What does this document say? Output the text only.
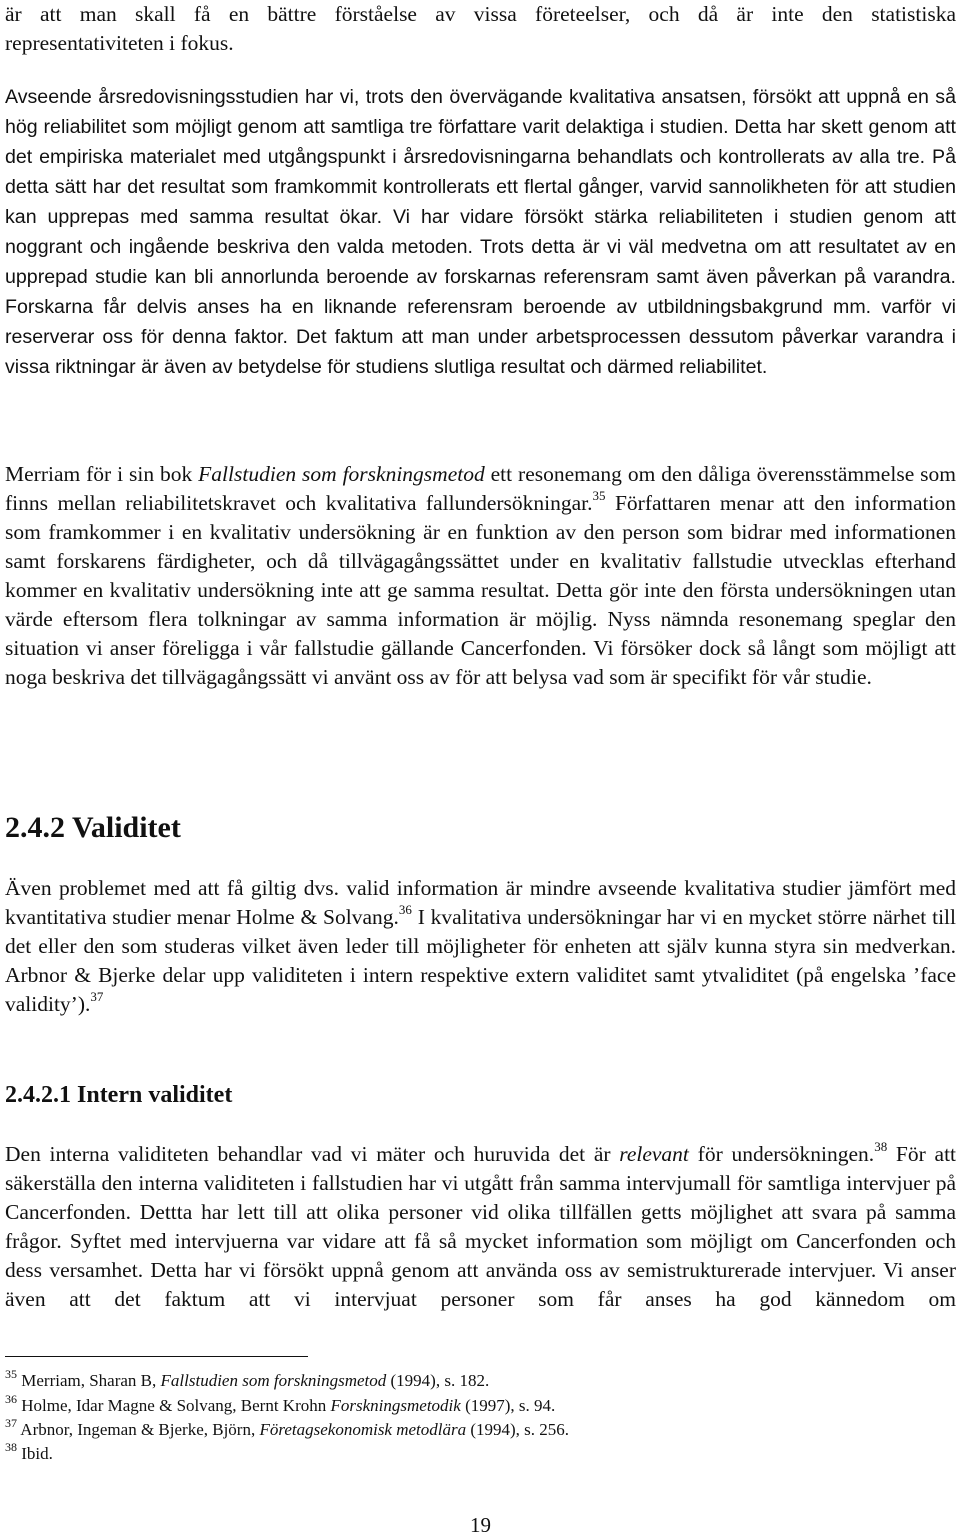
är att man skall få en bättre förståelse av vissa företeelser, och då är inte den statistiska

representativiteten i fokus.

Avseende årsredovisningsstudien har vi, trots den övervägande kvalitativa ansatsen, försökt att uppnå en så hög reliabilitet som möjligt genom att samtliga tre författare varit delaktiga i studien. Detta har skett genom att det empiriska materialet med utgångspunkt i årsredovisningarna behandlats och kontrollerats av alla tre. På detta sätt har det resultat som framkommit kontrollerats ett flertal gånger, varvid sannolikheten för att studien kan upprepas med samma resultat ökar. Vi har vidare försökt stärka reliabiliteten i studien genom att noggrant och ingående beskriva den valda metoden. Trots detta är vi väl medvetna om att resultatet av en upprepad studie kan bli annorlunda beroende av forskarnas referensram samt även påverkan på varandra. Forskarna får delvis anses ha en liknande referensram beroende av utbildningsbakgrund mm. varför vi reserverar oss för denna faktor. Det faktum att man under arbetsprocessen dessutom påverkar varandra i vissa riktningar är även av betydelse för studiens slutliga resultat och därmed reliabilitet.

Merriam för i sin bok Fallstudien som forskningsmetod ett resonemang om den dåliga överensstämmelse som finns mellan reliabilitetskravet och kvalitativa fallundersökningar.$^{35}$ Författaren menar att den information som framkommer i en kvalitativ undersökning är en funktion av den person som bidrar med informationen samt forskarens färdigheter, och då tillvägagångssättet under en kvalitativ fallstudie utvecklas efterhand kommer en kvalitativ undersökning inte att ge samma resultat. Detta gör inte den första undersökningen utan värde eftersom flera tolkningar av samma information är möjlig. Nyss nämnda resonemang speglar den situation vi anser föreligga i vår fallstudie gällande Cancerfonden. Vi försöker dock så långt som möjligt att noga beskriva det tillvägagångssätt vi använt oss av för att belysa vad som är specifikt för vår studie.

2.4.2 Validitet

Även problemet med att få giltig dvs. valid information är mindre avseende kvalitativa studier jämfört med kvantitativa studier menar Holme & Solvang.$^{36}$ I kvalitativa undersökningar har vi en mycket större närhet till det eller den som studeras vilket även leder till möjligheter för enheten att själv kunna styra sin medverkan. Arbnor & Bjerke delar upp validiteten i intern respektive extern validitet samt ytvaliditet (på engelska ’face validity’).$^{37}$

2.4.2.1 Intern validitet

Den interna validiteten behandlar vad vi mäter och huruvida det är relevant för undersökningen.$^{38}$ För att säkerställa den interna validiteten i fallstudien har vi utgått från samma intervjumall för samtliga intervjuer på Cancerfonden. Dettta har lett till att olika personer vid olika tillfällen getts möjlighet att svara på samma frågor. Syftet med intervjuerna var vidare att få så mycket information som möjligt om Cancerfonden och dess versamhet. Detta har vi försökt uppnå genom att använda oss av semistrukturerade intervjuer. Vi anser även att det faktum att vi intervjuat personer som får anses ha god kännedom om

$^{35}$ Merriam, Sharan B, Fallstudien som forskningsmetod (1994), s. 182.
$^{36}$ Holme, Idar Magne & Solvang, Bernt Krohn Forskningsmetodik (1997), s. 94.
$^{37}$ Arbnor, Ingeman & Bjerke, Björn, Företagsekonomisk metodlära (1994), s. 256.
$^{38}$ Ibid.
19
